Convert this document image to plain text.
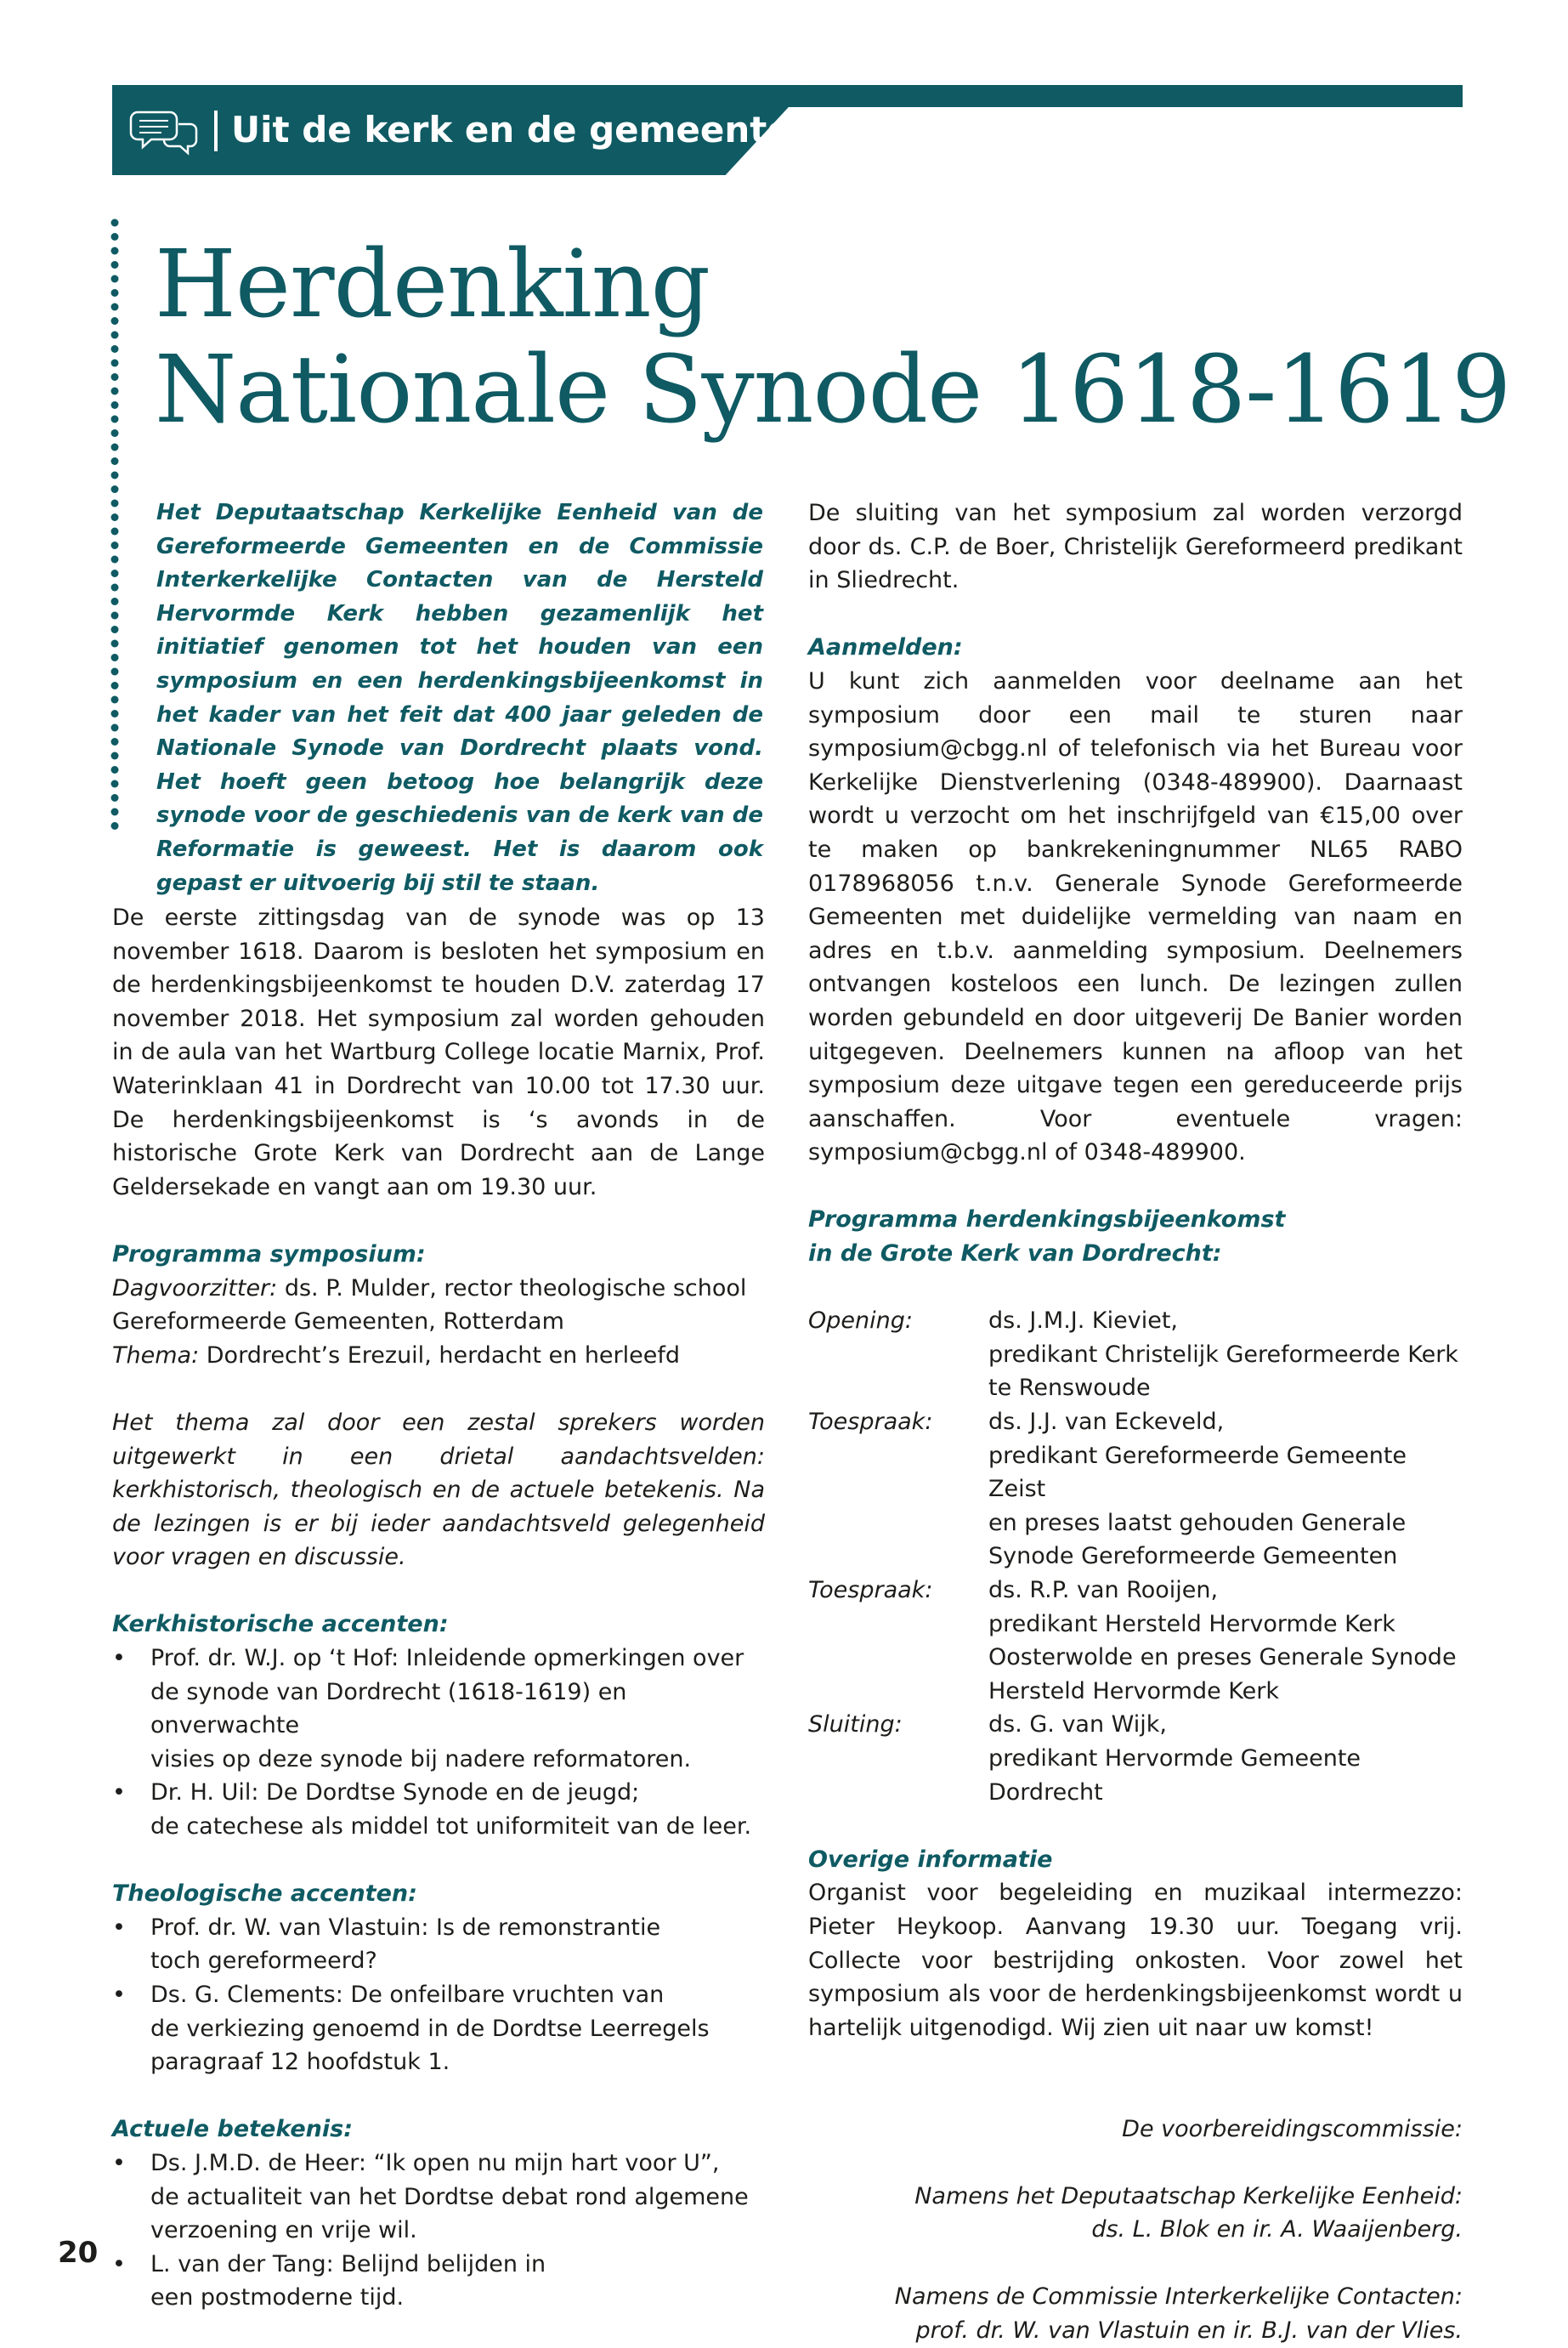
Uit de kerk en de gemeenten
Herdenking
Nationale Synode 1618-1619
Het Deputaatschap Kerkelijke Eenheid van de Gereformeerde Gemeenten en de Commissie Interkerkelijke Contacten van de Hersteld Hervormde Kerk hebben gezamenlijk het initiatief genomen tot het houden van een symposium en een herdenkingsbijeenkomst in het kader van het feit dat 400 jaar geleden de Nationale Synode van Dordrecht plaats vond. Het hoeft geen betoog hoe belangrijk deze synode voor de geschiedenis van de kerk van de Reformatie is geweest. Het is daarom ook gepast er uitvoerig bij stil te staan.

De eerste zittingsdag van de synode was op 13 november 1618. Daarom is besloten het symposium en de herdenkingsbijeenkomst te houden D.V. zaterdag 17 november 2018. Het symposium zal worden gehouden in de aula van het Wartburg College locatie Marnix, Prof. Waterinklaan 41 in Dordrecht van 10.00 tot 17.30 uur. De herdenkingsbijeenkomst is ‘s avonds in de historische Grote Kerk van Dordrecht aan de Lange Geldersekade en vangt aan om 19.30 uur.

Programma symposium:
Dagvoorzitter: ds. P. Mulder, rector theologische school
Gereformeerde Gemeenten, Rotterdam
Thema: Dordrecht’s Erezuil, herdacht en herleefd

Het thema zal door een zestal sprekers worden uitgewerkt in een drietal aandachtsvelden: kerkhistorisch, theologisch en de actuele betekenis. Na de lezingen is er bij ieder aandachtsveld gelegenheid voor vragen en discussie.

Kerkhistorische accenten:
• Prof. dr. W.J. op ‘t Hof: Inleidende opmerkingen over
de synode van Dordrecht (1618-1619) en onverwachte
visies op deze synode bij nadere reformatoren.
• Dr. H. Uil: De Dordtse Synode en de jeugd;
de catechese als middel tot uniformiteit van de leer.
Theologische accenten:
• Prof. dr. W. van Vlastuin: Is de remonstrantie
toch gereformeerd?
• Ds. G. Clements: De onfeilbare vruchten van
de verkiezing genoemd in de Dordtse Leerregels
paragraaf 12 hoofdstuk 1.
Actuele betekenis:
• Ds. J.M.D. de Heer: “Ik open nu mijn hart voor U”,
de actualiteit van het Dordtse debat rond algemene
verzoening en vrije wil.
• L. van der Tang: Belijnd belijden in
een postmoderne tijd.

De sluiting van het symposium zal worden verzorgd door ds. C.P. de Boer, Christelijk Gereformeerd predikant in Sliedrecht.

Aanmelden:

U kunt zich aanmelden voor deelname aan het symposium door een mail te sturen naar symposium@cbgg.nl of telefonisch via het Bureau voor Kerkelijke Dienstverlening (0348-489900). Daarnaast wordt u verzocht om het inschrijfgeld van €15,00 over te maken op bankrekeningnummer NL65 RABO 0178968056 t.n.v. Generale Synode Gereformeerde Gemeenten met duidelijke vermelding van naam en adres en t.b.v. aanmelding symposium. Deelnemers ontvangen kosteloos een lunch. De lezingen zullen worden gebundeld en door uitgeverij De Banier worden uitgegeven. Deelnemers kunnen na afloop van het symposium deze uitgave tegen een gereduceerde prijs aanschaffen. Voor eventuele vragen: symposium@cbgg.nl of 0348-489900.

Programma herdenkingsbijeenkomst
in de Grote Kerk van Dordrecht:
Opening:	ds. J.M.J. Kieviet,
predikant Christelijk Gereformeerde Kerk
te Renswoude

Toespraak:	ds. J.J. van Eckeveld,
predikant Gereformeerde Gemeente Zeist
en preses laatst gehouden Generale
Synode Gereformeerde Gemeenten

Toespraak:	ds. R.P. van Rooijen,
predikant Hersteld Hervormde Kerk
Oosterwolde en preses Generale Synode
Hersteld Hervormde Kerk

Sluiting:	ds. G. van Wijk,
predikant Hervormde Gemeente Dordrecht
Overige informatie

Organist voor begeleiding en muzikaal intermezzo: Pieter Heykoop. Aanvang 19.30 uur. Toegang vrij. Collecte voor bestrijding onkosten. Voor zowel het symposium als voor de herdenkingsbijeenkomst wordt u hartelijk uitgenodigd. Wij zien uit naar uw komst!

De voorbereidingscommissie:
Namens het Deputaatschap Kerkelijke Eenheid:
ds. L. Blok en ir. A. Waaijenberg.
Namens de Commissie Interkerkelijke Contacten:
prof. dr. W. van Vlastuin en ir. B.J. van der Vlies.
20
